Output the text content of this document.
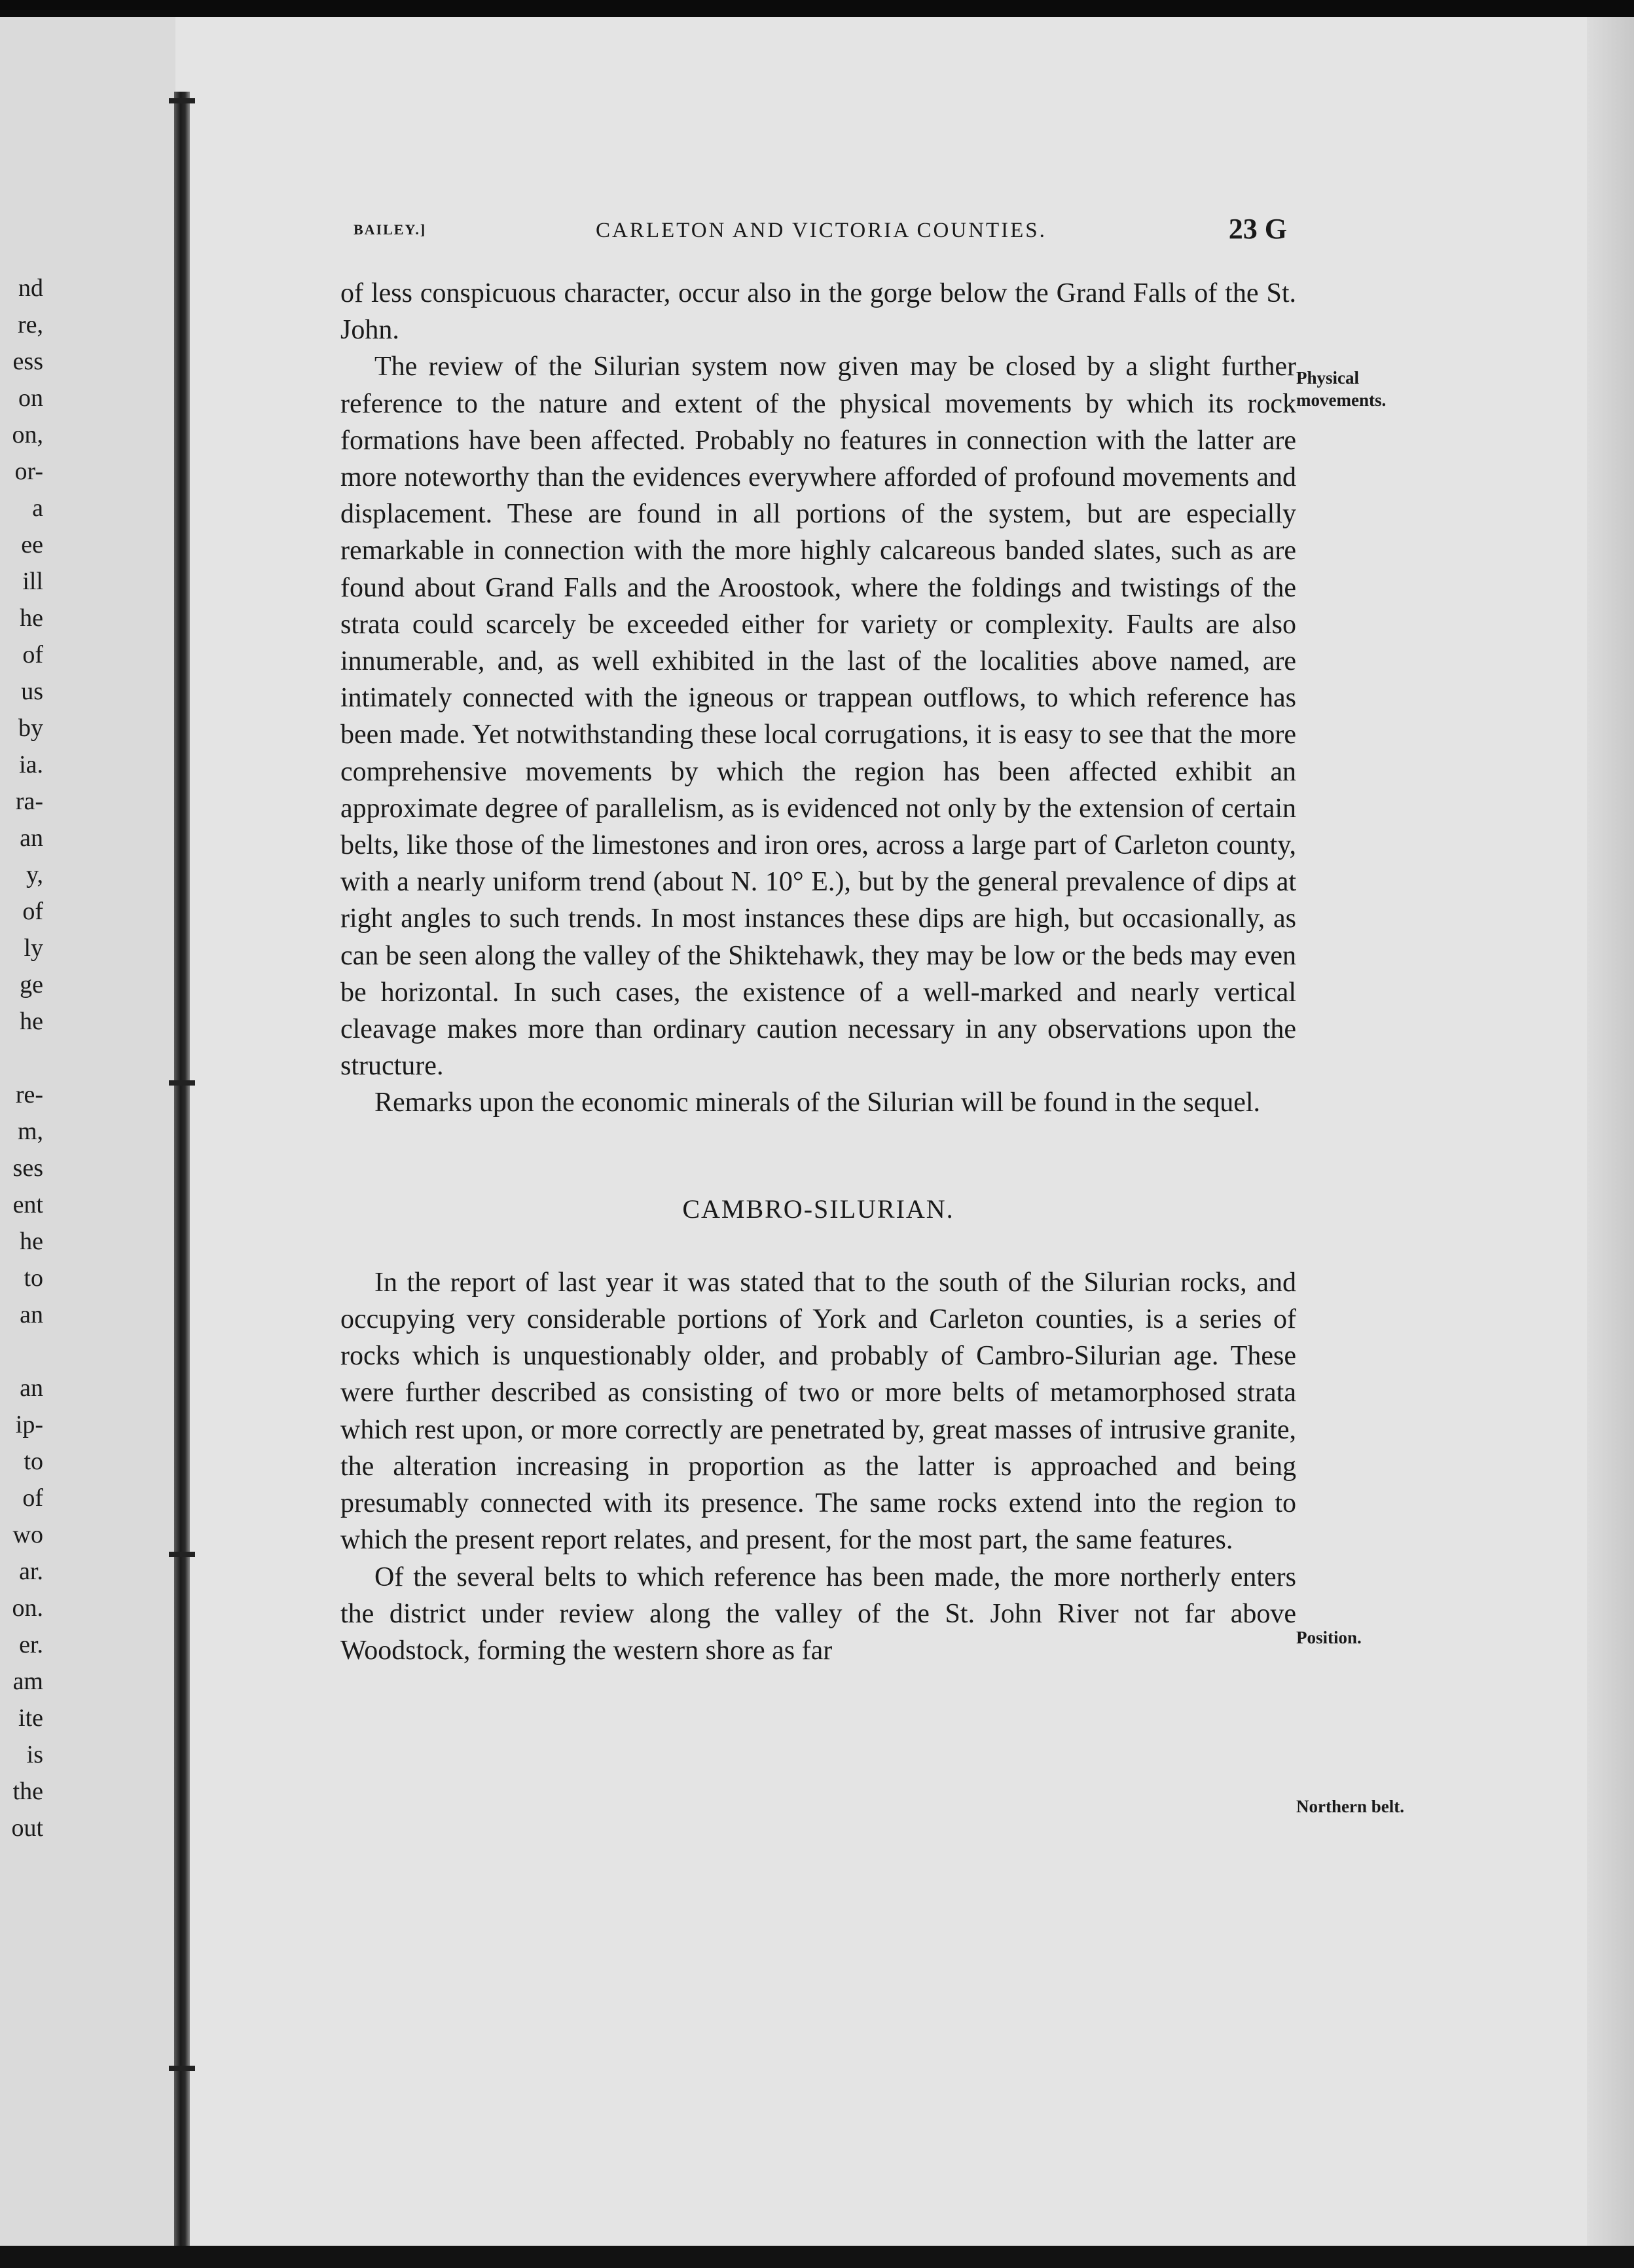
nd
re,
ess
on
on,
or-
a
ee
ill
he
of
us
by
ia.
ra-
an
y,
of
ly
ge
he
re-
m,
ses
ent
he
to
an
an
ip-
to
of
wo
ar.
on.
er.
am
ite
is
the
out
BAILEY.]	CARLETON AND VICTORIA COUNTIES.	23 G

of less conspicuous character, occur also in the gorge below the Grand Falls of the St. John.

The review of the Silurian system now given may be closed by a slight further reference to the nature and extent of the physical movements by which its rock formations have been affected. Probably no features in connection with the latter are more noteworthy than the evidences everywhere afforded of profound movements and displacement. These are found in all portions of the system, but are especially remarkable in connection with the more highly calcareous banded slates, such as are found about Grand Falls and the Aroostook, where the foldings and twistings of the strata could scarcely be exceeded either for variety or complexity. Faults are also innumerable, and, as well exhibited in the last of the localities above named, are intimately connected with the igneous or trappean outflows, to which reference has been made. Yet notwithstanding these local corrugations, it is easy to see that the more comprehensive movements by which the region has been affected exhibit an approximate degree of parallelism, as is evidenced not only by the extension of certain belts, like those of the limestones and iron ores, across a large part of Carleton county, with a nearly uniform trend (about N. 10° E.), but by the general prevalence of dips at right angles to such trends. In most instances these dips are high, but occasionally, as can be seen along the valley of the Shiktehawk, they may be low or the beds may even be horizontal. In such cases, the existence of a well-marked and nearly vertical cleavage makes more than ordinary caution necessary in any observations upon the structure.

Remarks upon the economic minerals of the Silurian will be found in the sequel.

CAMBRO-SILURIAN.

In the report of last year it was stated that to the south of the Silurian rocks, and occupying very considerable portions of York and Carleton counties, is a series of rocks which is unquestionably older, and probably of Cambro-Silurian age. These were further described as consisting of two or more belts of metamorphosed strata which rest upon, or more correctly are penetrated by, great masses of intrusive granite, the alteration increasing in proportion as the latter is approached and being presumably connected with its presence. The same rocks extend into the region to which the present report relates, and present, for the most part, the same features.

Of the several belts to which reference has been made, the more northerly enters the district under review along the valley of the St. John River not far above Woodstock, forming the western shore as far

Physical
movements.
Position.
Northern belt.
